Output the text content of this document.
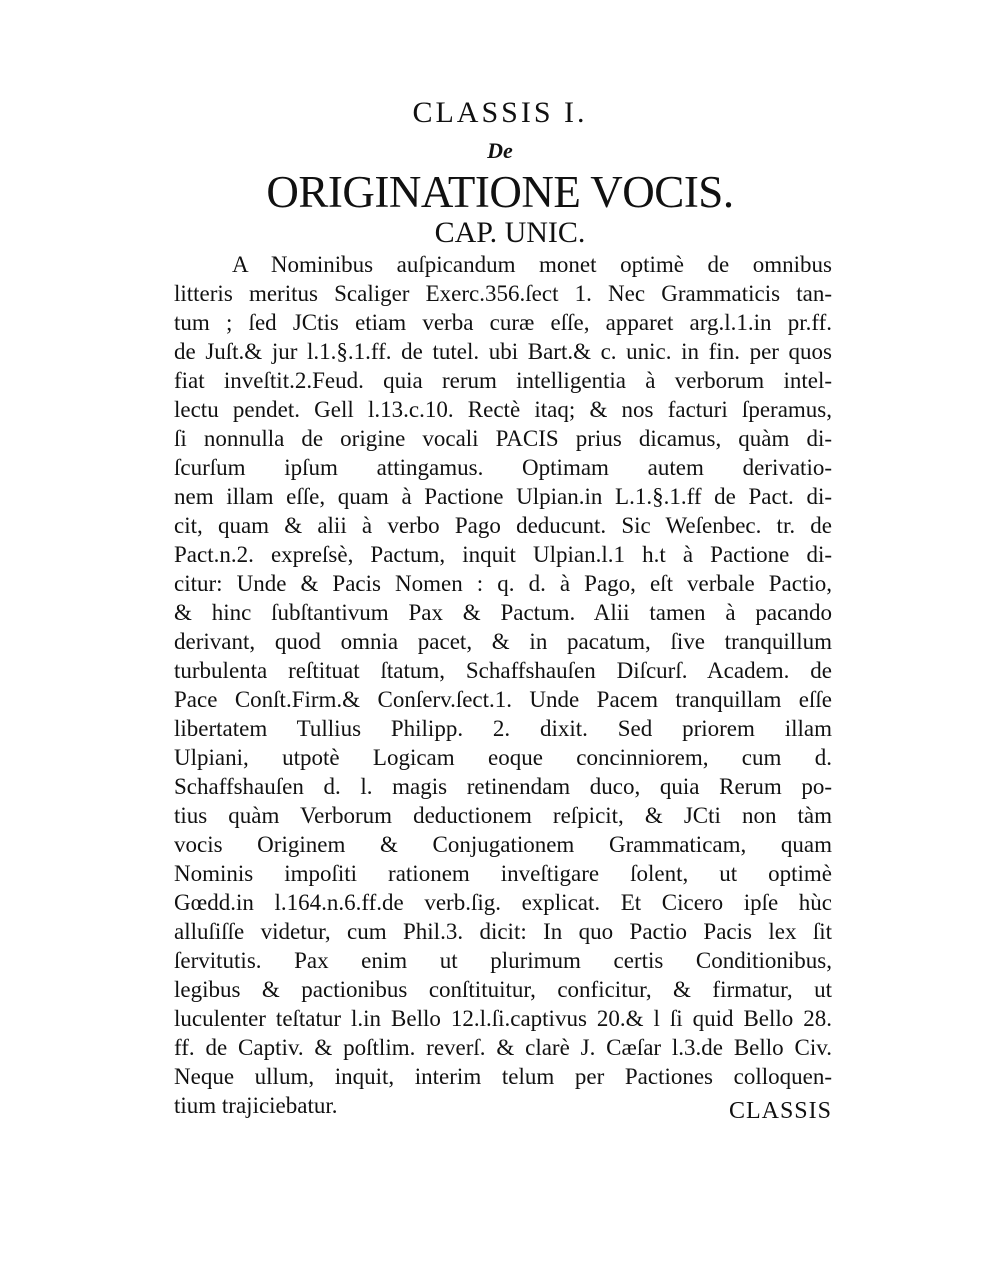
CLASSIS I.
De
ORIGINATIONE VOCIS.
CAP. UNIC.
A Nominibus auſpicandum monet optimè de omnibus
litteris meritus Scaliger Exerc.356.ſect 1. Nec Grammaticis tan-
tum ; ſed JCtis etiam verba curæ eſſe, apparet arg.l.1.in pr.ff.
de Juſt.& jur l.1.§.1.ff. de tutel. ubi Bart.& c. unic. in fin. per quos
fiat inveſtit.2.Feud. quia rerum intelligentia à verborum intel-
lectu pendet. Gell l.13.c.10. Rectè itaq; & nos facturi ſperamus,
ſi nonnulla de origine vocali PACIS prius dicamus, quàm di-
ſcurſum ipſum attingamus. Optimam autem derivatio-
nem illam eſſe, quam à Pactione Ulpian.in L.1.§.1.ff de Pact. di-
cit, quam & alii à verbo Pago deducunt. Sic Weſenbec. tr. de
Pact.n.2. expreſsè, Pactum, inquit Ulpian.l.1 h.t à Pactione di-
citur: Unde & Pacis Nomen : q. d. à Pago, eſt verbale Pactio,
& hinc ſubſtantivum Pax & Pactum. Alii tamen à pacando
derivant, quod omnia pacet, & in pacatum, ſive tranquillum
turbulenta reſtituat ſtatum, Schaffshauſen Diſcurſ. Academ. de
Pace Conſt.Firm.& Conſerv.ſect.1. Unde Pacem tranquillam eſſe
libertatem Tullius Philipp. 2. dixit. Sed priorem illam
Ulpiani, utpotè Logicam eoque concinniorem, cum d.
Schaffshauſen d. l. magis retinendam duco, quia Rerum po-
tius quàm Verborum deductionem reſpicit, & JCti non tàm
vocis Originem & Conjugationem Grammaticam, quam
Nominis impoſiti rationem inveſtigare ſolent, ut optimè
Gœdd.in l.164.n.6.ff.de verb.ſig. explicat. Et Cicero ipſe hùc
alluſiſſe videtur, cum Phil.3. dicit: In quo Pactio Pacis lex ſit
ſervitutis. Pax enim ut plurimum certis Conditionibus,
legibus & pactionibus conſtituitur, conficitur, & firmatur, ut
luculenter teſtatur l.in Bello 12.l.ſi.captivus 20.& l ſi quid Bello 28.
ff. de Captiv. & poſtlim. reverſ. & clarè J. Cæſar l.3.de Bello Civ.
Neque ullum, inquit, interim telum per Pactiones colloquen-
tium trajiciebatur.	CLASSIS
